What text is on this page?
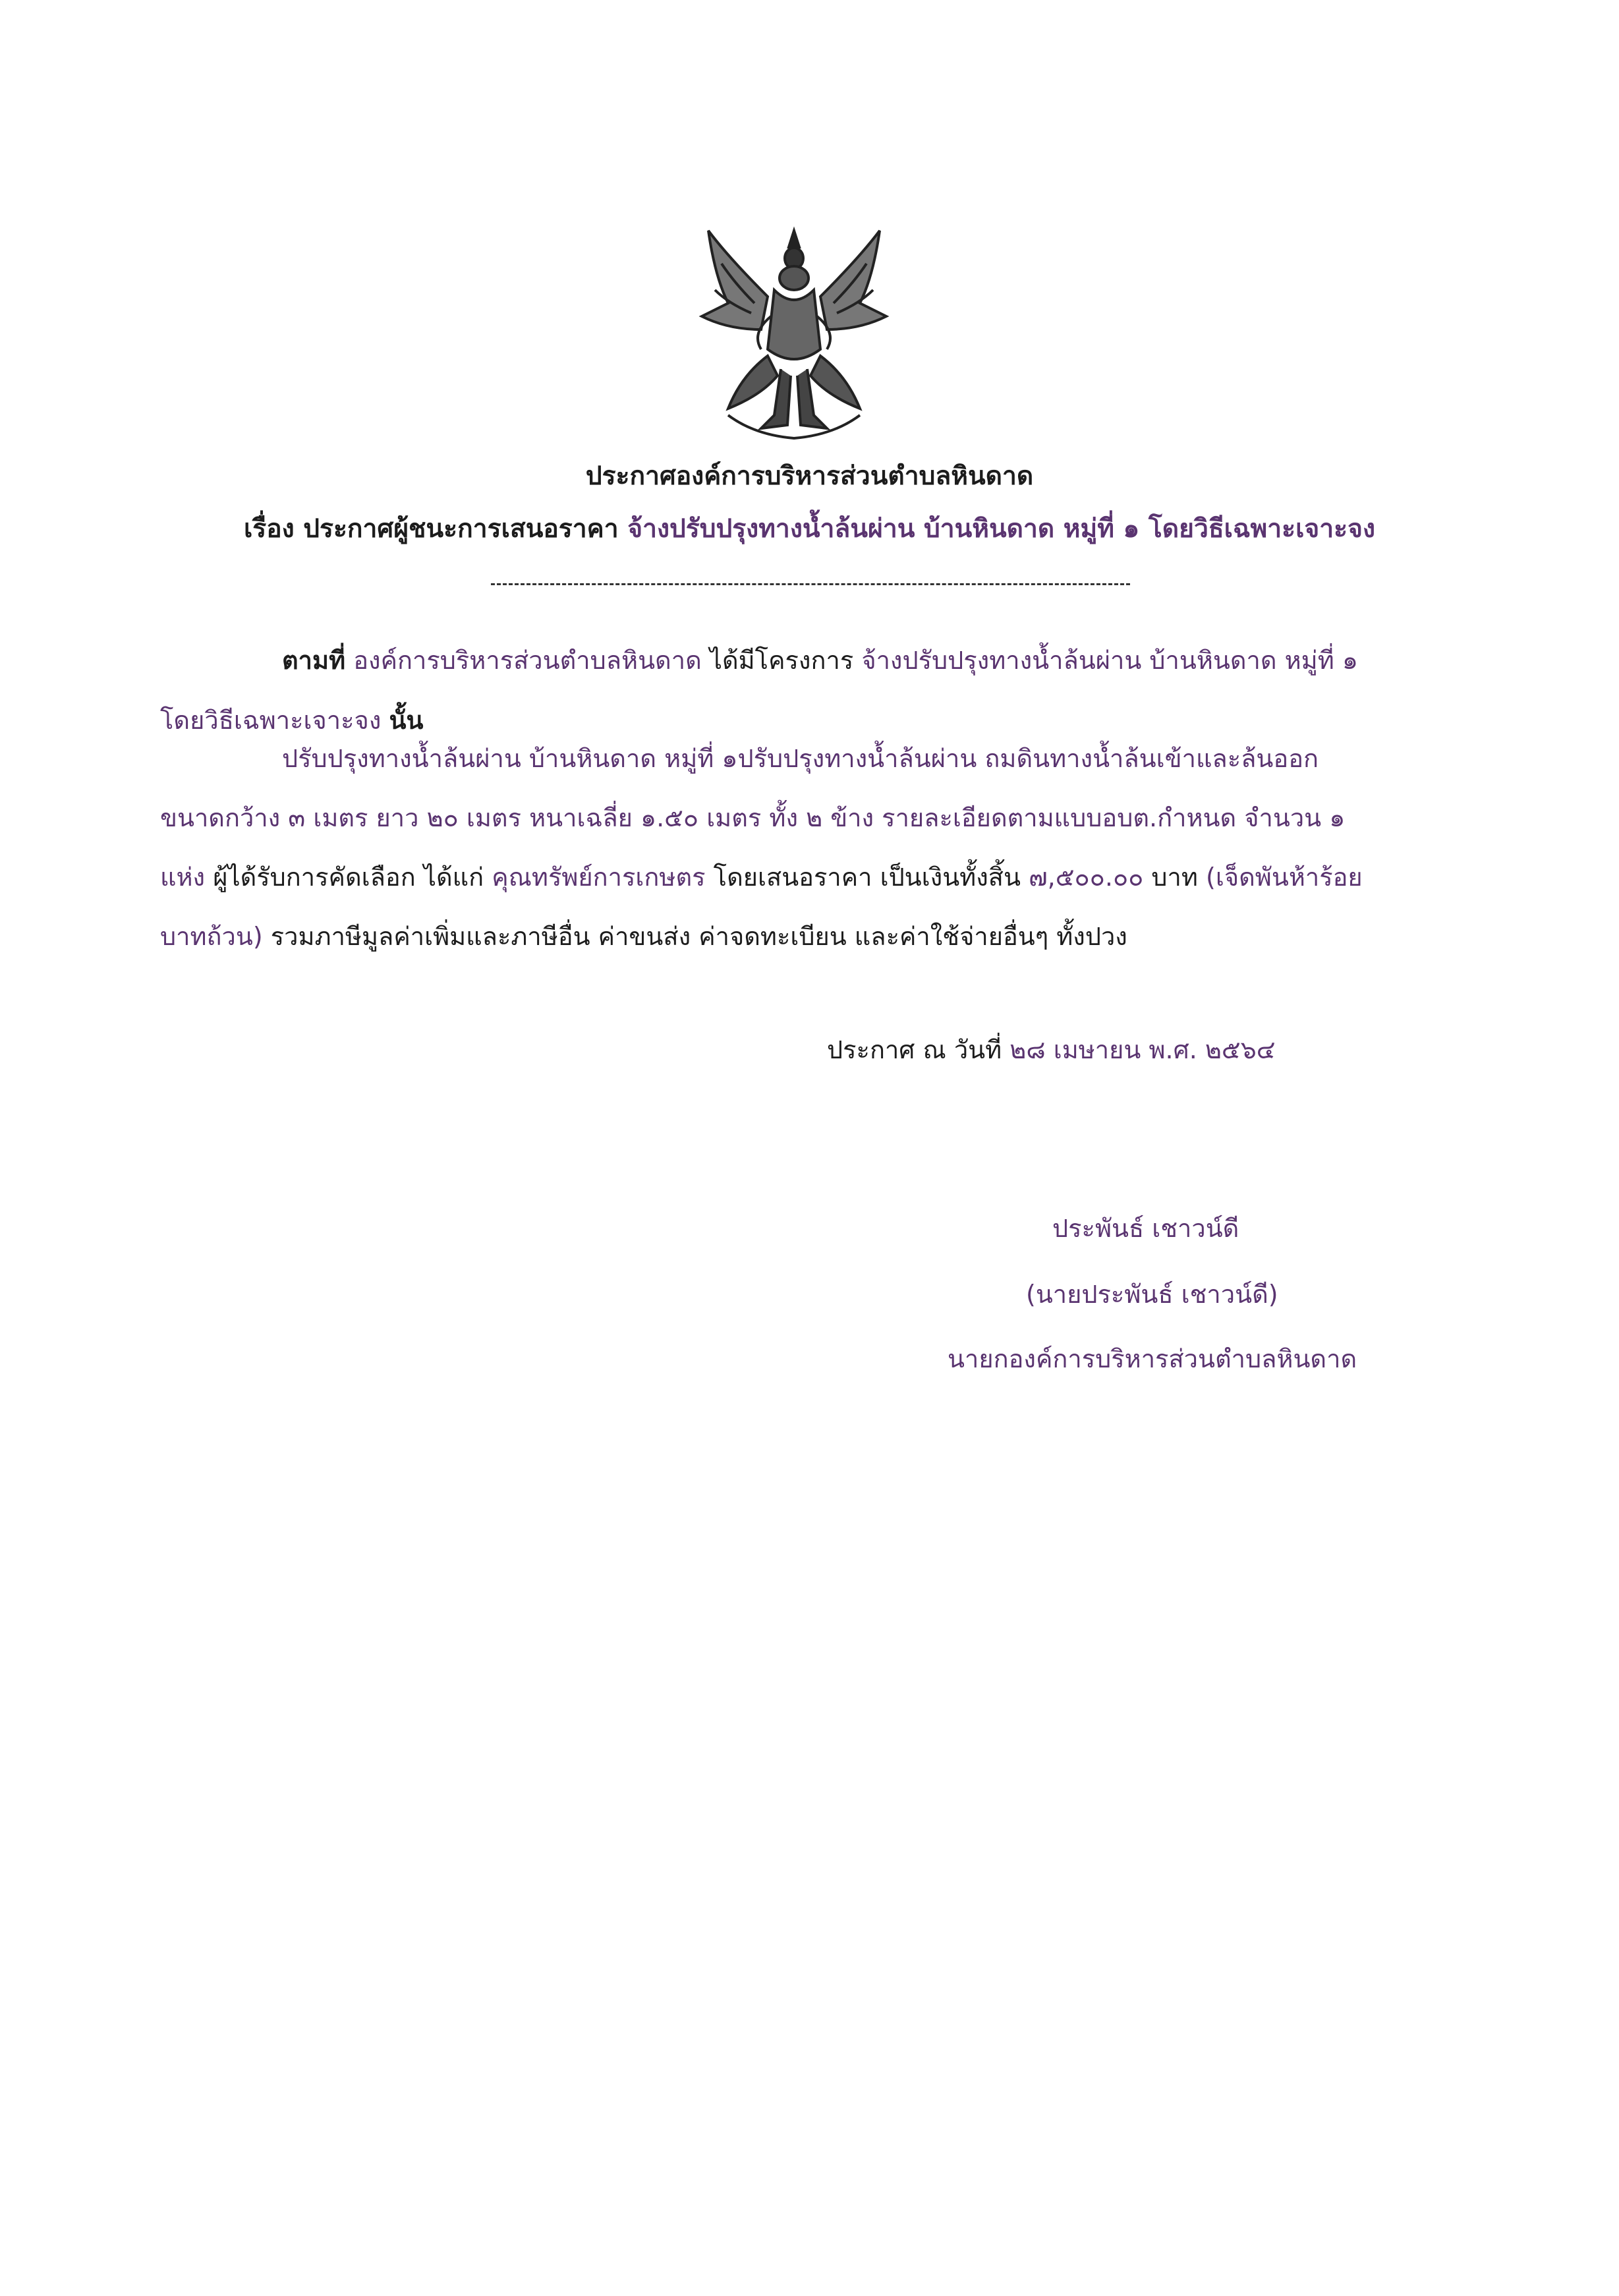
ประกาศองค์การบริหารส่วนตำบลหินดาด
เรื่อง ประกาศผู้ชนะการเสนอราคา จ้างปรับปรุงทางน้ำล้นผ่าน บ้านหินดาด หมู่ที่ ๑ โดยวิธีเฉพาะเจาะจง
ตามที่ องค์การบริหารส่วนตำบลหินดาด ได้มีโครงการ จ้างปรับปรุงทางน้ำล้นผ่าน บ้านหินดาด หมู่ที่ ๑
โดยวิธีเฉพาะเจาะจง นั้น
ปรับปรุงทางน้ำล้นผ่าน บ้านหินดาด หมู่ที่ ๑ปรับปรุงทางน้ำล้นผ่าน ถมดินทางน้ำล้นเข้าและล้นออก
ขนาดกว้าง ๓ เมตร ยาว ๒๐ เมตร หนาเฉลี่ย ๑.๕๐ เมตร ทั้ง ๒ ข้าง รายละเอียดตามแบบอบต.กำหนด จำนวน ๑
แห่ง ผู้ได้รับการคัดเลือก ได้แก่ คุณทรัพย์การเกษตร โดยเสนอราคา เป็นเงินทั้งสิ้น ๗,๕๐๐.๐๐ บาท (เจ็ดพันห้าร้อย
บาทถ้วน) รวมภาษีมูลค่าเพิ่มและภาษีอื่น ค่าขนส่ง ค่าจดทะเบียน และค่าใช้จ่ายอื่นๆ ทั้งปวง
ประกาศ ณ วันที่ ๒๘ เมษายน พ.ศ. ๒๕๖๔
ประพันธ์ เชาวน์ดี
(นายประพันธ์ เชาวน์ดี)
นายกองค์การบริหารส่วนตำบลหินดาด
